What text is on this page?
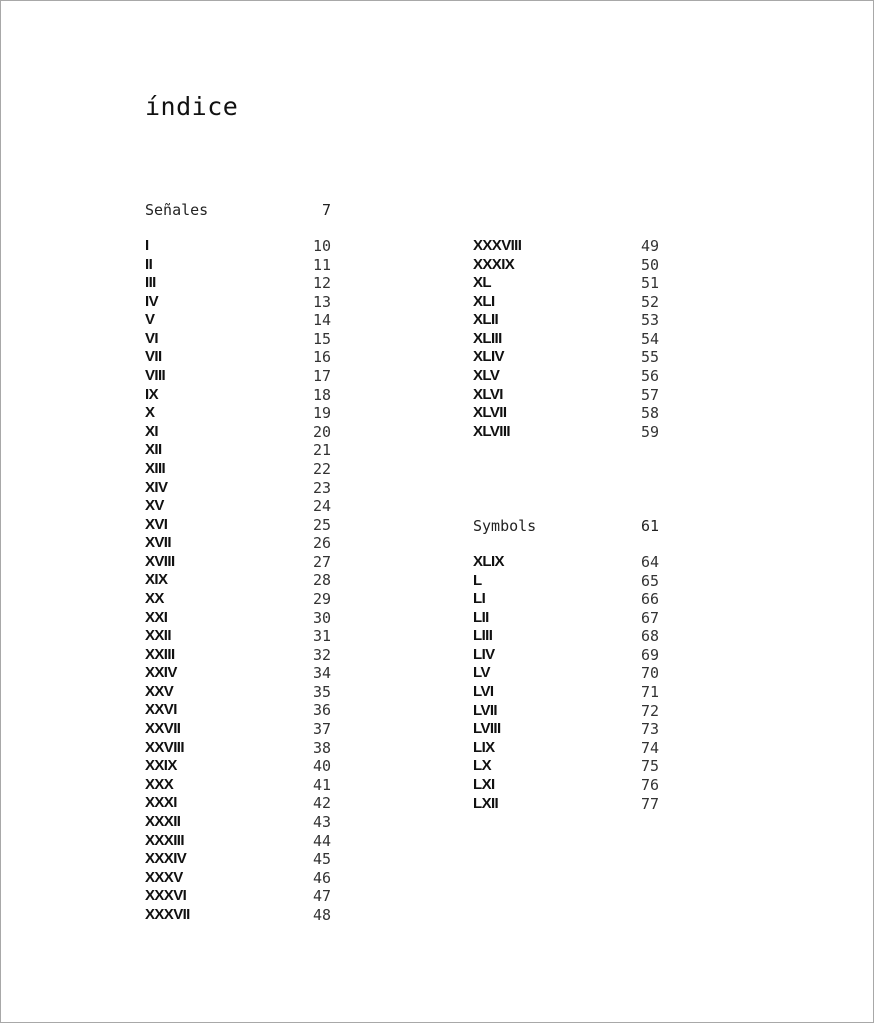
índice
Señales	7
I	10
II	11
III	12
IV	13
V	14
VI	15
VII	16
VIII	17
IX	18
X	19
XI	20
XII	21
XIII	22
XIV	23
XV	24
XVI	25
XVII	26
XVIII	27
XIX	28
XX	29
XXI	30
XXII	31
XXIII	32
XXIV	34
XXV	35
XXVI	36
XXVII	37
XXVIII	38
XXIX	40
XXX	41
XXXI	42
XXXII	43
XXXIII	44
XXXIV	45
XXXV	46
XXXVI	47
XXXVII	48
XXXVIII	49
XXXIX	50
XL	51
XLI	52
XLII	53
XLIII	54
XLIV	55
XLV	56
XLVI	57
XLVII	58
XLVIII	59
Symbols	61
XLIX	64
L	65
LI	66
LII	67
LIII	68
LIV	69
LV	70
LVI	71
LVII	72
LVIII	73
LIX	74
LX	75
LXI	76
LXII	77
